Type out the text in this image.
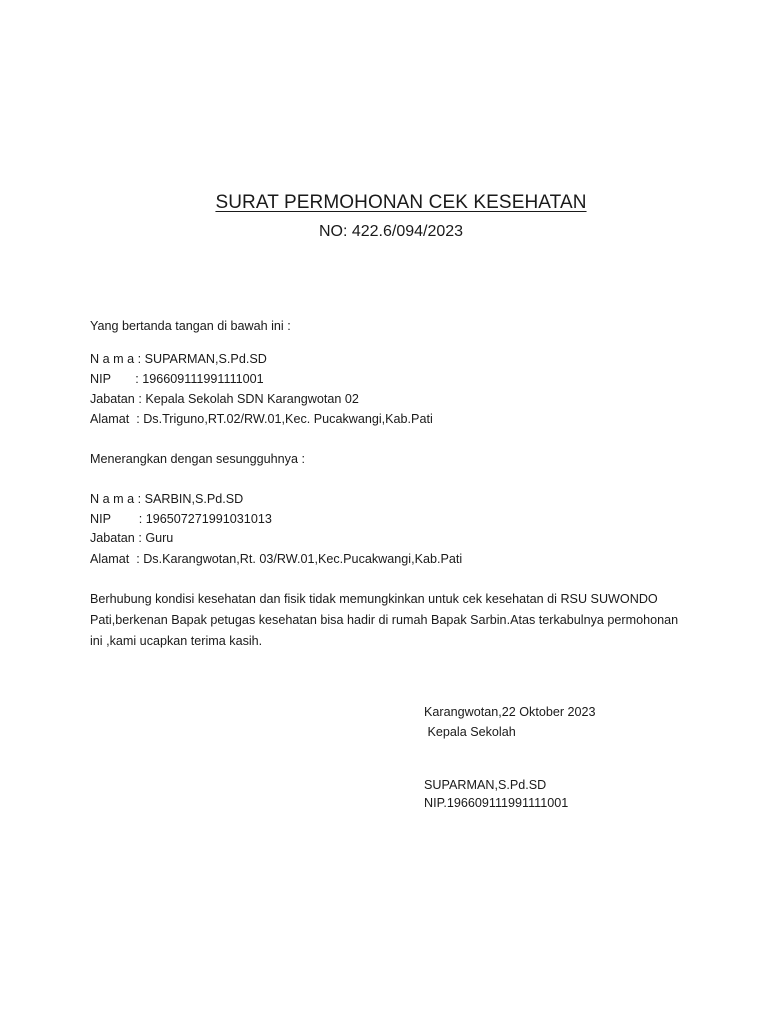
SURAT PERMOHONAN CEK KESEHATAN
NO: 422.6/094/2023
Yang bertanda tangan di bawah ini :
N a m a : SUPARMAN,S.Pd.SD
NIP       : 196609111991111001
Jabatan : Kepala Sekolah SDN Karangwotan 02
Alamat  : Ds.Triguno,RT.02/RW.01,Kec. Pucakwangi,Kab.Pati
Menerangkan dengan sesungguhnya :
N a m a : SARBIN,S.Pd.SD
NIP        : 196507271991031013
Jabatan : Guru
Alamat  : Ds.Karangwotan,Rt. 03/RW.01,Kec.Pucakwangi,Kab.Pati
Berhubung kondisi kesehatan dan fisik tidak memungkinkan untuk cek kesehatan di RSU SUWONDO
Pati,berkenan Bapak petugas kesehatan bisa hadir di rumah Bapak Sarbin.Atas terkabulnya permohonan
ini ,kami ucapkan terima kasih.
Karangwotan,22 Oktober 2023
Kepala Sekolah
SUPARMAN,S.Pd.SD
NIP.196609111991111001
